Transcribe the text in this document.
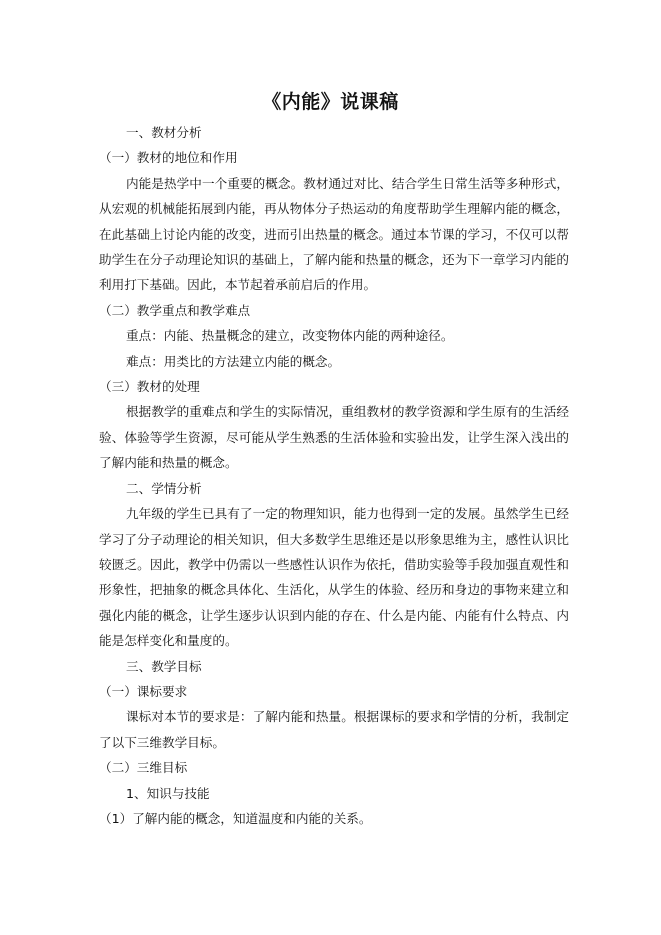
《内能》说课稿

一、教材分析

（一）教材的地位和作用

内能是热学中一个重要的概念。教材通过对比、结合学生日常生活等多种形式，从宏观的机械能拓展到内能，再从物体分子热运动的角度帮助学生理解内能的概念，在此基础上讨论内能的改变，进而引出热量的概念。通过本节课的学习，不仅可以帮助学生在分子动理论知识的基础上，了解内能和热量的概念，还为下一章学习内能的利用打下基础。因此，本节起着承前启后的作用。

（二）教学重点和教学难点

重点：内能、热量概念的建立，改变物体内能的两种途径。

难点：用类比的方法建立内能的概念。

（三）教材的处理

根据教学的重难点和学生的实际情况，重组教材的教学资源和学生原有的生活经验、体验等学生资源，尽可能从学生熟悉的生活体验和实验出发，让学生深入浅出的了解内能和热量的概念。

二、学情分析

九年级的学生已具有了一定的物理知识，能力也得到一定的发展。虽然学生已经学习了分子动理论的相关知识，但大多数学生思维还是以形象思维为主，感性认识比较匮乏。因此，教学中仍需以一些感性认识作为依托，借助实验等手段加强直观性和形象性，把抽象的概念具体化、生活化，从学生的体验、经历和身边的事物来建立和强化内能的概念，让学生逐步认识到内能的存在、什么是内能、内能有什么特点、内能是怎样变化和量度的。

三、教学目标

（一）课标要求

课标对本节的要求是：了解内能和热量。根据课标的要求和学情的分析，我制定了以下三维教学目标。

（二）三维目标

1、知识与技能

（1）了解内能的概念，知道温度和内能的关系。
